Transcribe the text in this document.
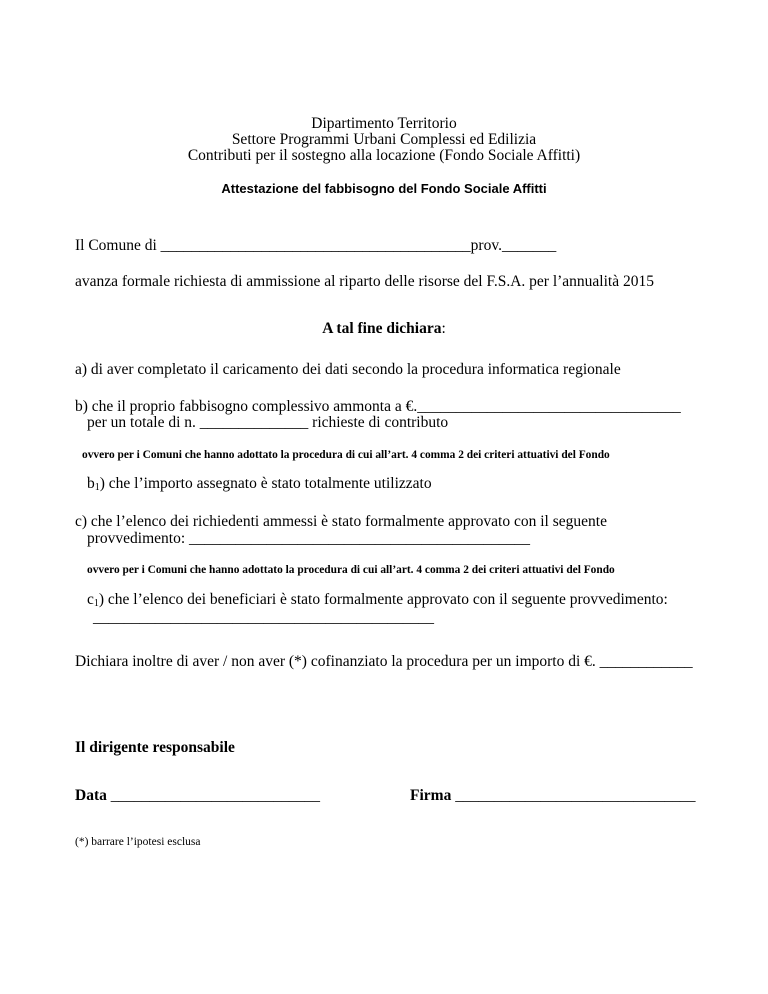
Dipartimento Territorio
Settore Programmi Urbani Complessi ed Edilizia
Contributi per il sostegno alla locazione (Fondo Sociale Affitti)
Attestazione del fabbisogno del Fondo Sociale Affitti
Il Comune di ________________________________________prov._______
avanza formale richiesta di ammissione al riparto delle risorse del F.S.A. per l’annualità 2015
A tal fine dichiara:
a) di aver completato il caricamento dei dati secondo la procedura informatica regionale
b) che il proprio fabbisogno complessivo ammonta a €.__________________________________
per un totale di n. ______________ richieste di contributo
ovvero per i Comuni che hanno adottato la procedura di cui all’art. 4 comma 2 dei criteri attuativi del Fondo
$b_1$) che l’importo assegnato è stato totalmente utilizzato
c) che l’elenco dei richiedenti ammessi è stato formalmente approvato con il seguente
provvedimento: ____________________________________________
ovvero per i Comuni che hanno adottato la procedura di cui all’art. 4 comma 2 dei criteri attuativi del Fondo
$c_1$) che l’elenco dei beneficiari è stato formalmente approvato con il seguente provvedimento:
____________________________________________
Dichiara inoltre di aver / non aver (*) cofinanziato la procedura per un importo di €. ____________
Il dirigente responsabile
Data ___________________________	Firma _______________________________
(*) barrare l’ipotesi esclusa
